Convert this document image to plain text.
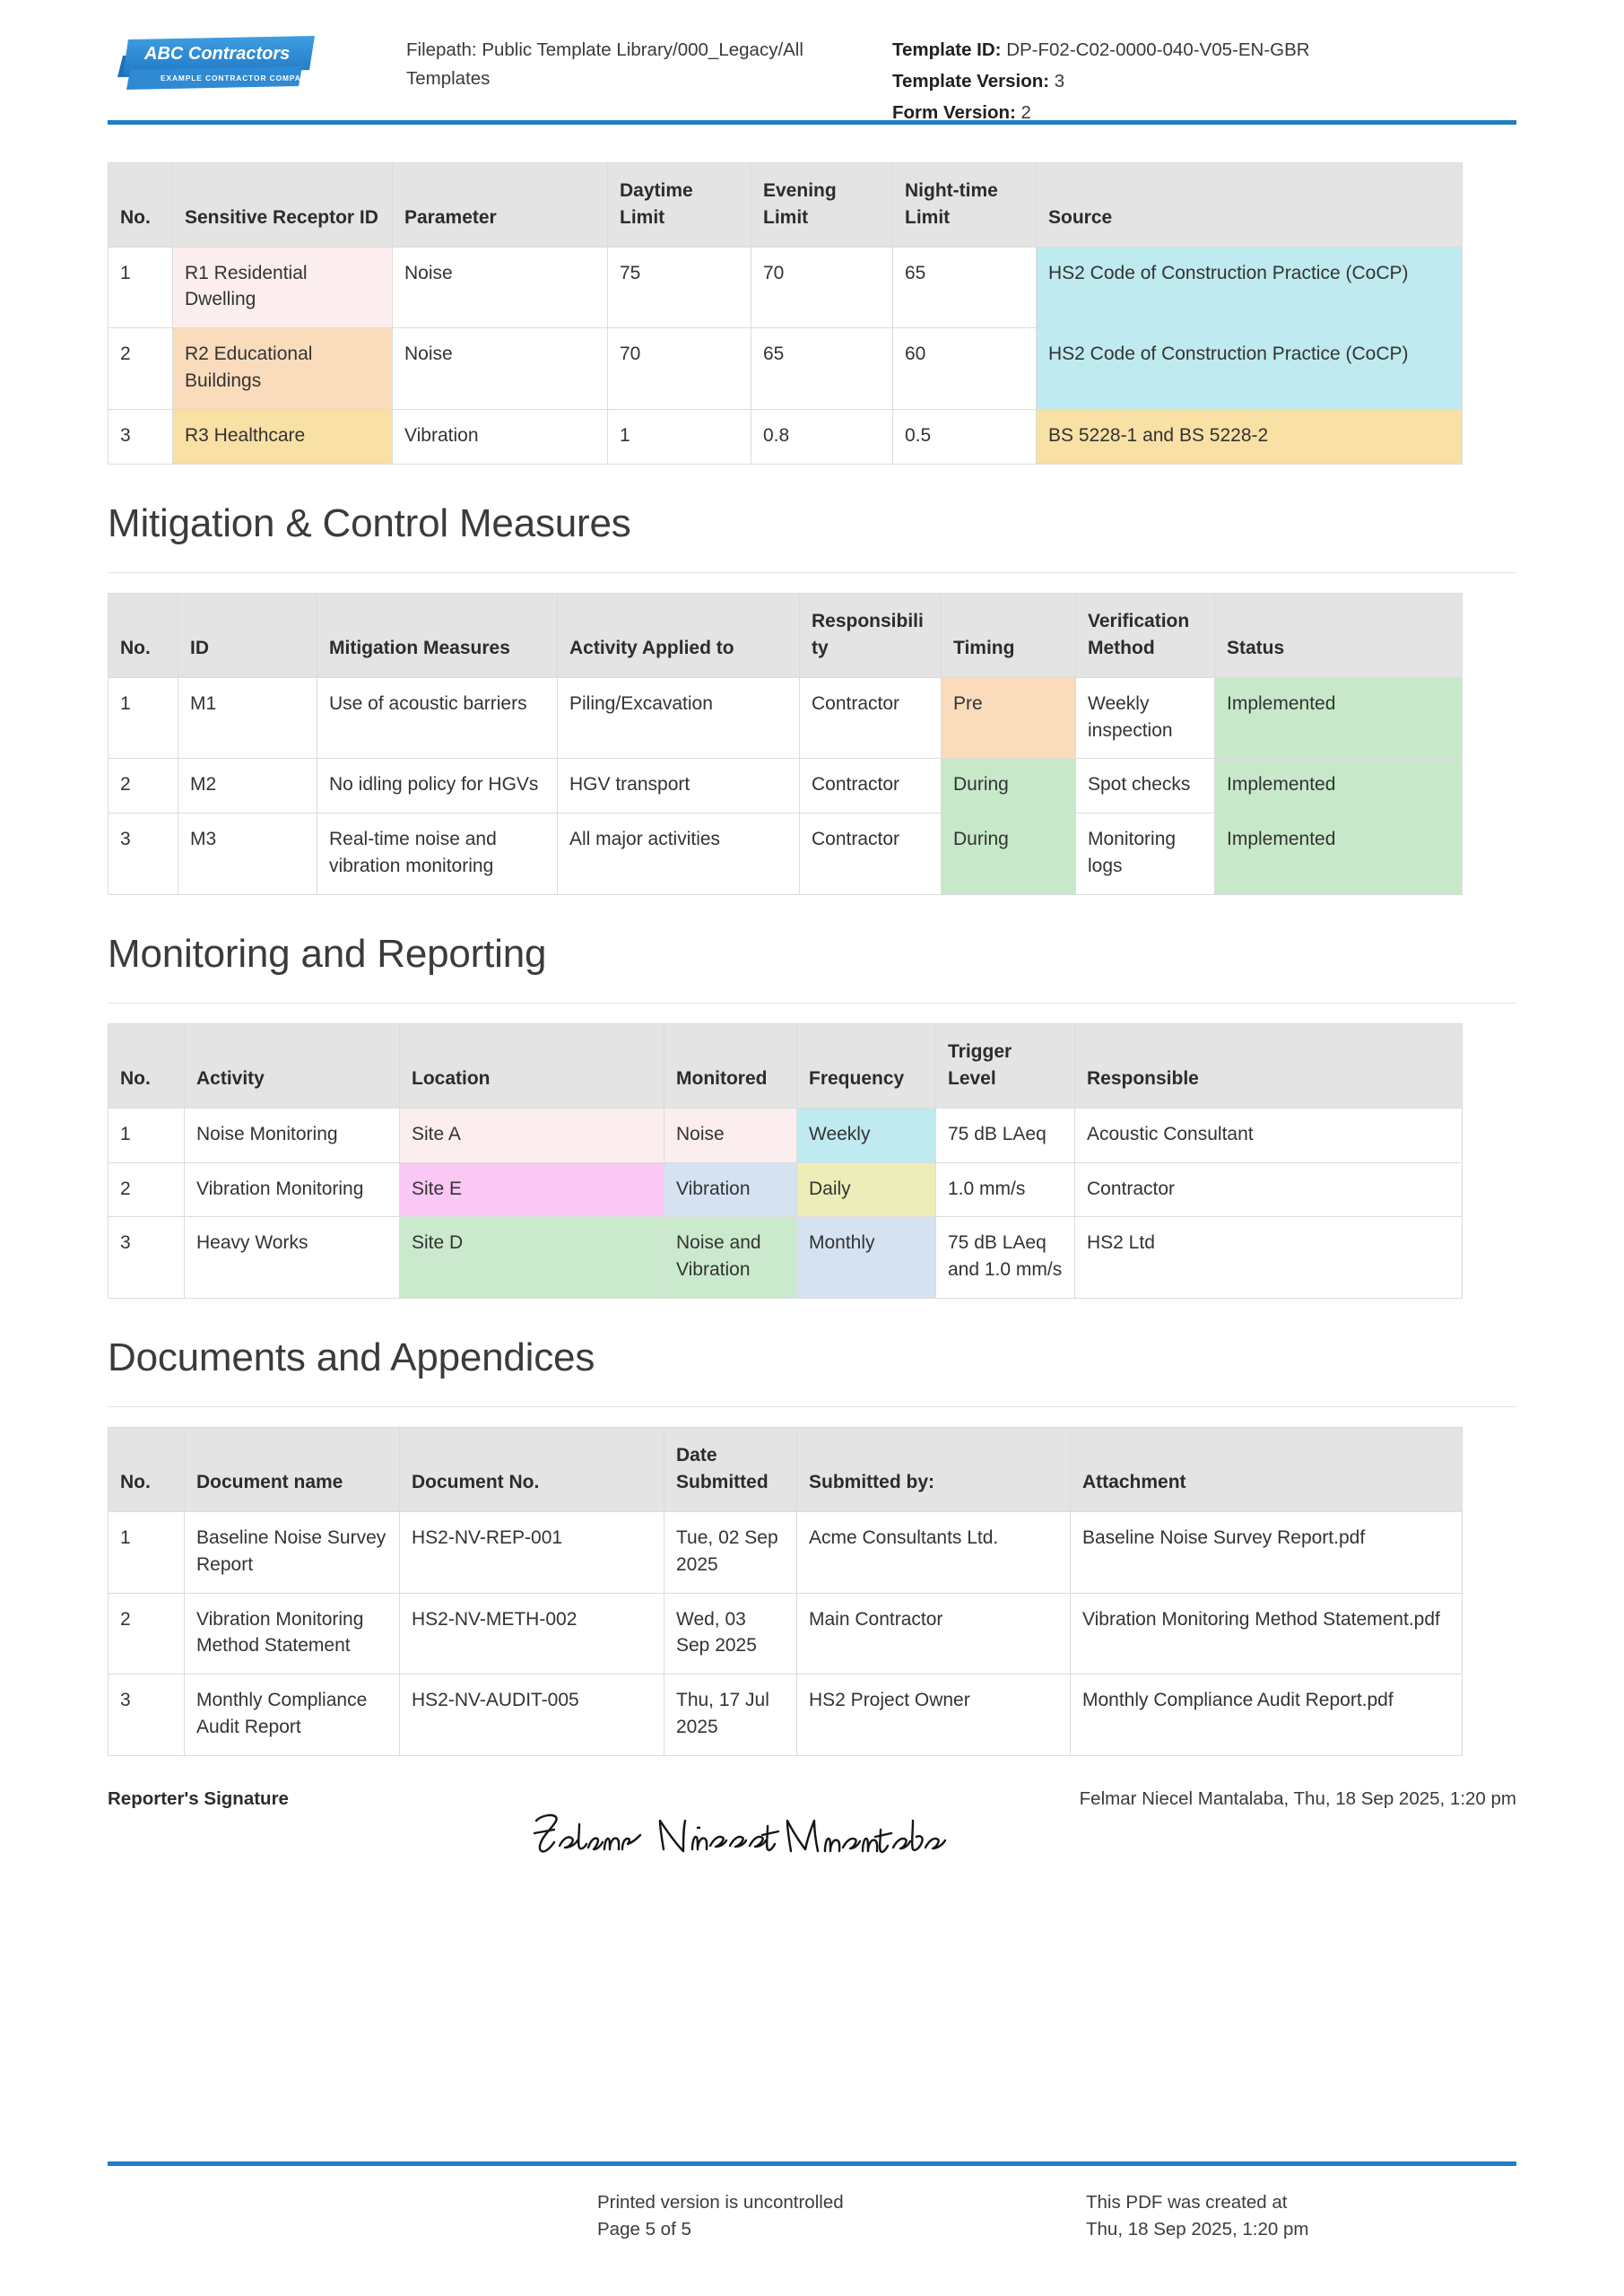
ABC Contractors
EXAMPLE CONTRACTOR COMPANY
Filepath: Public Template Library/000_Legacy/All Templates
Template ID: DP-F02-C02-0000-040-V05-EN-GBR
Template Version: 3
Form Version: 2
No.	Sensitive Receptor ID	Parameter	Daytime Limit	Evening Limit	Night-time Limit	Source
1	R1 Residential Dwelling	Noise	75	70	65	HS2 Code of Construction Practice (CoCP)
2	R2 Educational Buildings	Noise	70	65	60	HS2 Code of Construction Practice (CoCP)
3	R3 Healthcare	Vibration	1	0.8	0.5	BS 5228-1 and BS 5228-2
Mitigation & Control Measures
No.	ID	Mitigation Measures	Activity Applied to	Responsibility	Timing	Verification Method	Status
1	M1	Use of acoustic barriers	Piling/Excavation	Contractor	Pre	Weekly inspection	Implemented
2	M2	No idling policy for HGVs	HGV transport	Contractor	During	Spot checks	Implemented
3	M3	Real-time noise and vibration monitoring	All major activities	Contractor	During	Monitoring logs	Implemented
Monitoring and Reporting
No.	Activity	Location	Monitored	Frequency	Trigger Level	Responsible
1	Noise Monitoring	Site A	Noise	Weekly	75 dB LAeq	Acoustic Consultant
2	Vibration Monitoring	Site E	Vibration	Daily	1.0 mm/s	Contractor
3	Heavy Works	Site D	Noise and Vibration	Monthly	75 dB LAeq and 1.0 mm/s	HS2 Ltd
Documents and Appendices
No.	Document name	Document No.	Date Submitted	Submitted by:	Attachment
1	Baseline Noise Survey Report	HS2-NV-REP-001	Tue, 02 Sep 2025	Acme Consultants Ltd.	Baseline Noise Survey Report.pdf
2	Vibration Monitoring Method Statement	HS2-NV-METH-002	Wed, 03 Sep 2025	Main Contractor	Vibration Monitoring Method Statement.pdf
3	Monthly Compliance Audit Report	HS2-NV-AUDIT-005	Thu, 17 Jul 2025	HS2 Project Owner	Monthly Compliance Audit Report.pdf
Reporter's Signature	Felmar Niecel Mantalaba, Thu, 18 Sep 2025, 1:20 pm
Printed version is uncontrolled
Page 5 of 5
This PDF was created at
Thu, 18 Sep 2025, 1:20 pm
